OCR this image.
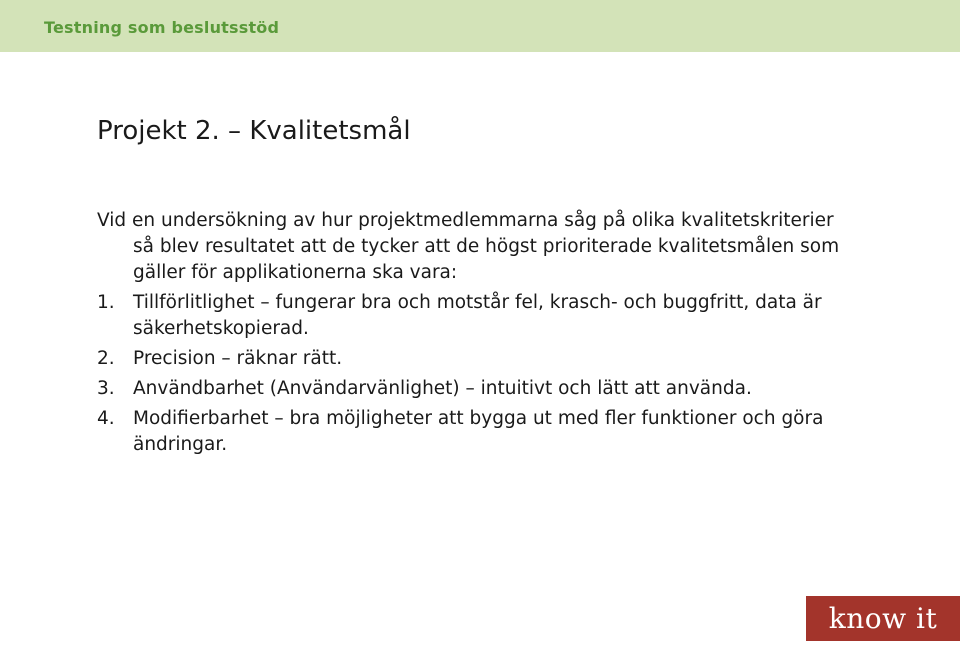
Testning som beslutsstöd
Projekt 2. – Kvalitetsmål

Vid en undersökning av hur projektmedlemmarna såg på olika kvalitetskriterier så blev resultatet att de tycker att de högst prioriterade kvalitetsmålen som gäller för applikationerna ska vara:

1. Tillförlitlighet – fungerar bra och motstår fel, krasch- och buggfritt, data är säkerhetskopierad.
2. Precision – räknar rätt.
3. Användbarhet (Användarvänlighet) – intuitivt och lätt att använda.
4. Modifierbarhet – bra möjligheter att bygga ut med fler funktioner och göra ändringar.
know it
